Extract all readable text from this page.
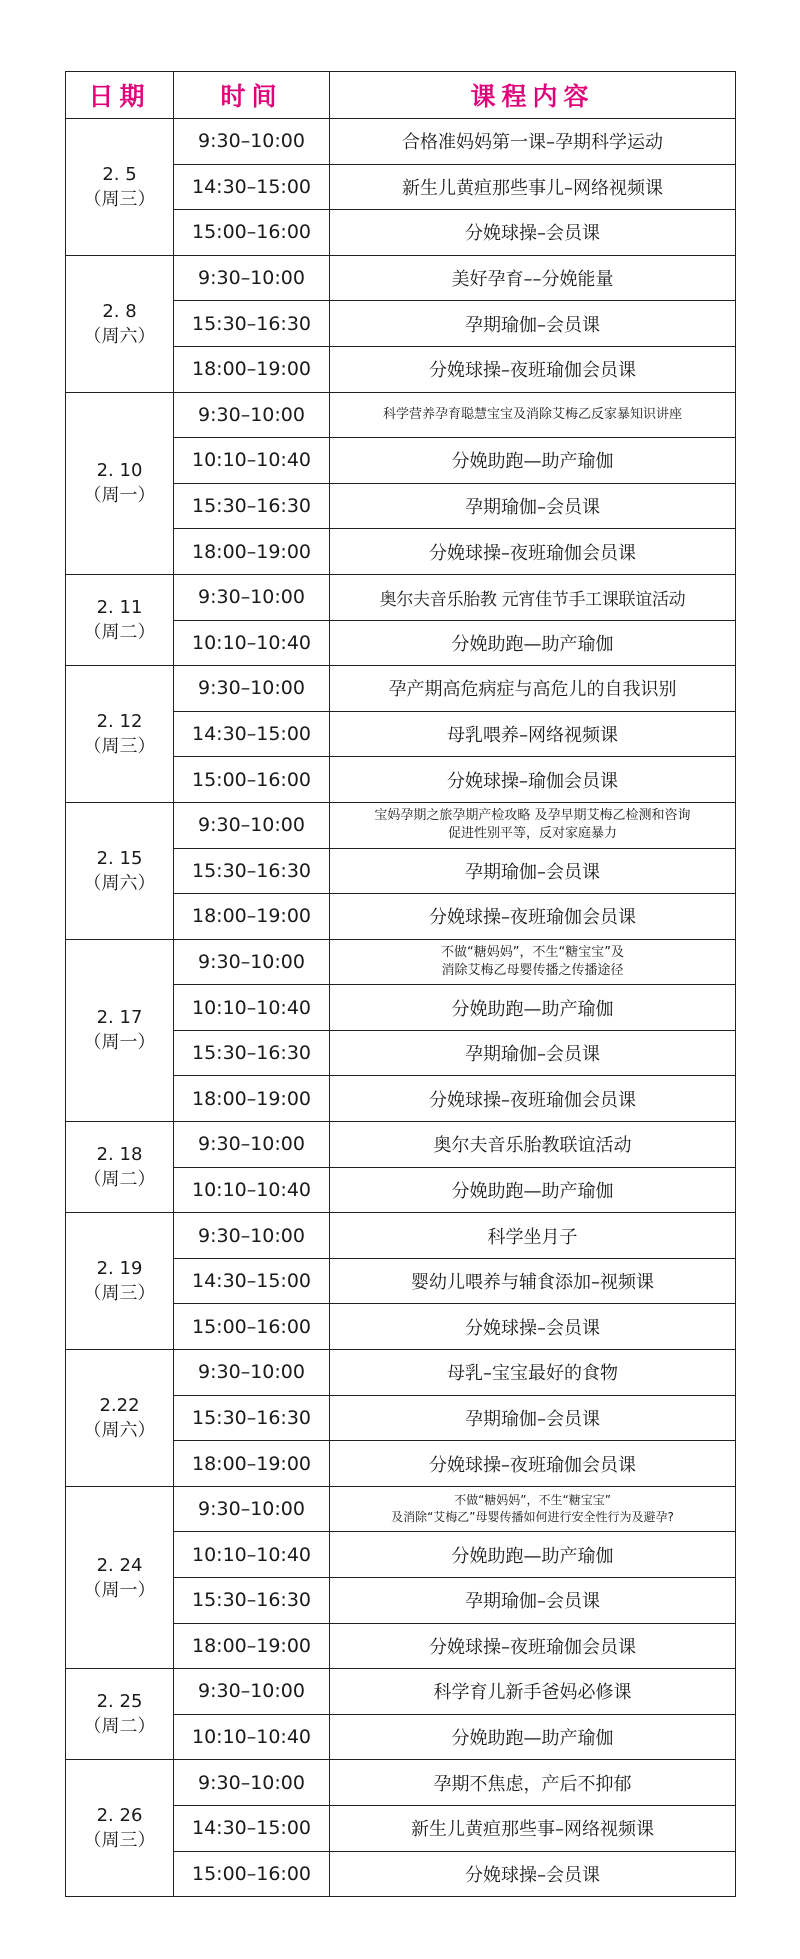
日期	时间	课程内容

2. 5
（周三）	9:30–10:00	合格准妈妈第一课–孕期科学运动

	14:30–15:00	新生儿黄疸那些事儿–网络视频课

	15:00–16:00	分娩球操–会员课

2. 8
（周六）	9:30–10:00	美好孕育––分娩能量

	15:30–16:30	孕期瑜伽–会员课

	18:00–19:00	分娩球操–夜班瑜伽会员课

2. 10
（周一）	9:30–10:00	科学营养孕育聪慧宝宝及消除艾梅乙反家暴知识讲座

	10:10–10:40	分娩助跑—助产瑜伽

	15:30–16:30	孕期瑜伽–会员课

	18:00–19:00	分娩球操–夜班瑜伽会员课

2. 11
（周二）	9:30–10:00	奥尔夫音乐胎教 元宵佳节手工课联谊活动

	10:10–10:40	分娩助跑—助产瑜伽

2. 12
（周三）	9:30–10:00	孕产期高危病症与高危儿的自我识别

	14:30–15:00	母乳喂养–网络视频课

	15:00–16:00	分娩球操–瑜伽会员课

2. 15
（周六）	9:30–10:00	宝妈孕期之旅孕期产检攻略 及孕早期艾梅乙检测和咨询
促进性别平等，反对家庭暴力

	15:30–16:30	孕期瑜伽–会员课

	18:00–19:00	分娩球操–夜班瑜伽会员课

2. 17
（周一）	9:30–10:00	不做“糖妈妈”，不生“糖宝宝”及
消除艾梅乙母婴传播之传播途径

	10:10–10:40	分娩助跑—助产瑜伽

	15:30–16:30	孕期瑜伽–会员课

	18:00–19:00	分娩球操–夜班瑜伽会员课

2. 18
（周二）	9:30–10:00	奥尔夫音乐胎教联谊活动

	10:10–10:40	分娩助跑—助产瑜伽

2. 19
（周三）	9:30–10:00	科学坐月子

	14:30–15:00	婴幼儿喂养与辅食添加–视频课

	15:00–16:00	分娩球操–会员课

2.22
（周六）	9:30–10:00	母乳–宝宝最好的食物

	15:30–16:30	孕期瑜伽–会员课

	18:00–19:00	分娩球操–夜班瑜伽会员课

2. 24
（周一）	9:30–10:00	不做“糖妈妈”，不生“糖宝宝”
及消除“艾梅乙”母婴传播如何进行安全性行为及避孕?

	10:10–10:40	分娩助跑—助产瑜伽

	15:30–16:30	孕期瑜伽–会员课

	18:00–19:00	分娩球操–夜班瑜伽会员课

2. 25
（周二）	9:30–10:00	科学育儿新手爸妈必修课

	10:10–10:40	分娩助跑—助产瑜伽

2. 26
（周三）	9:30–10:00	孕期不焦虑，产后不抑郁

	14:30–15:00	新生儿黄疸那些事–网络视频课

	15:00–16:00	分娩球操–会员课
